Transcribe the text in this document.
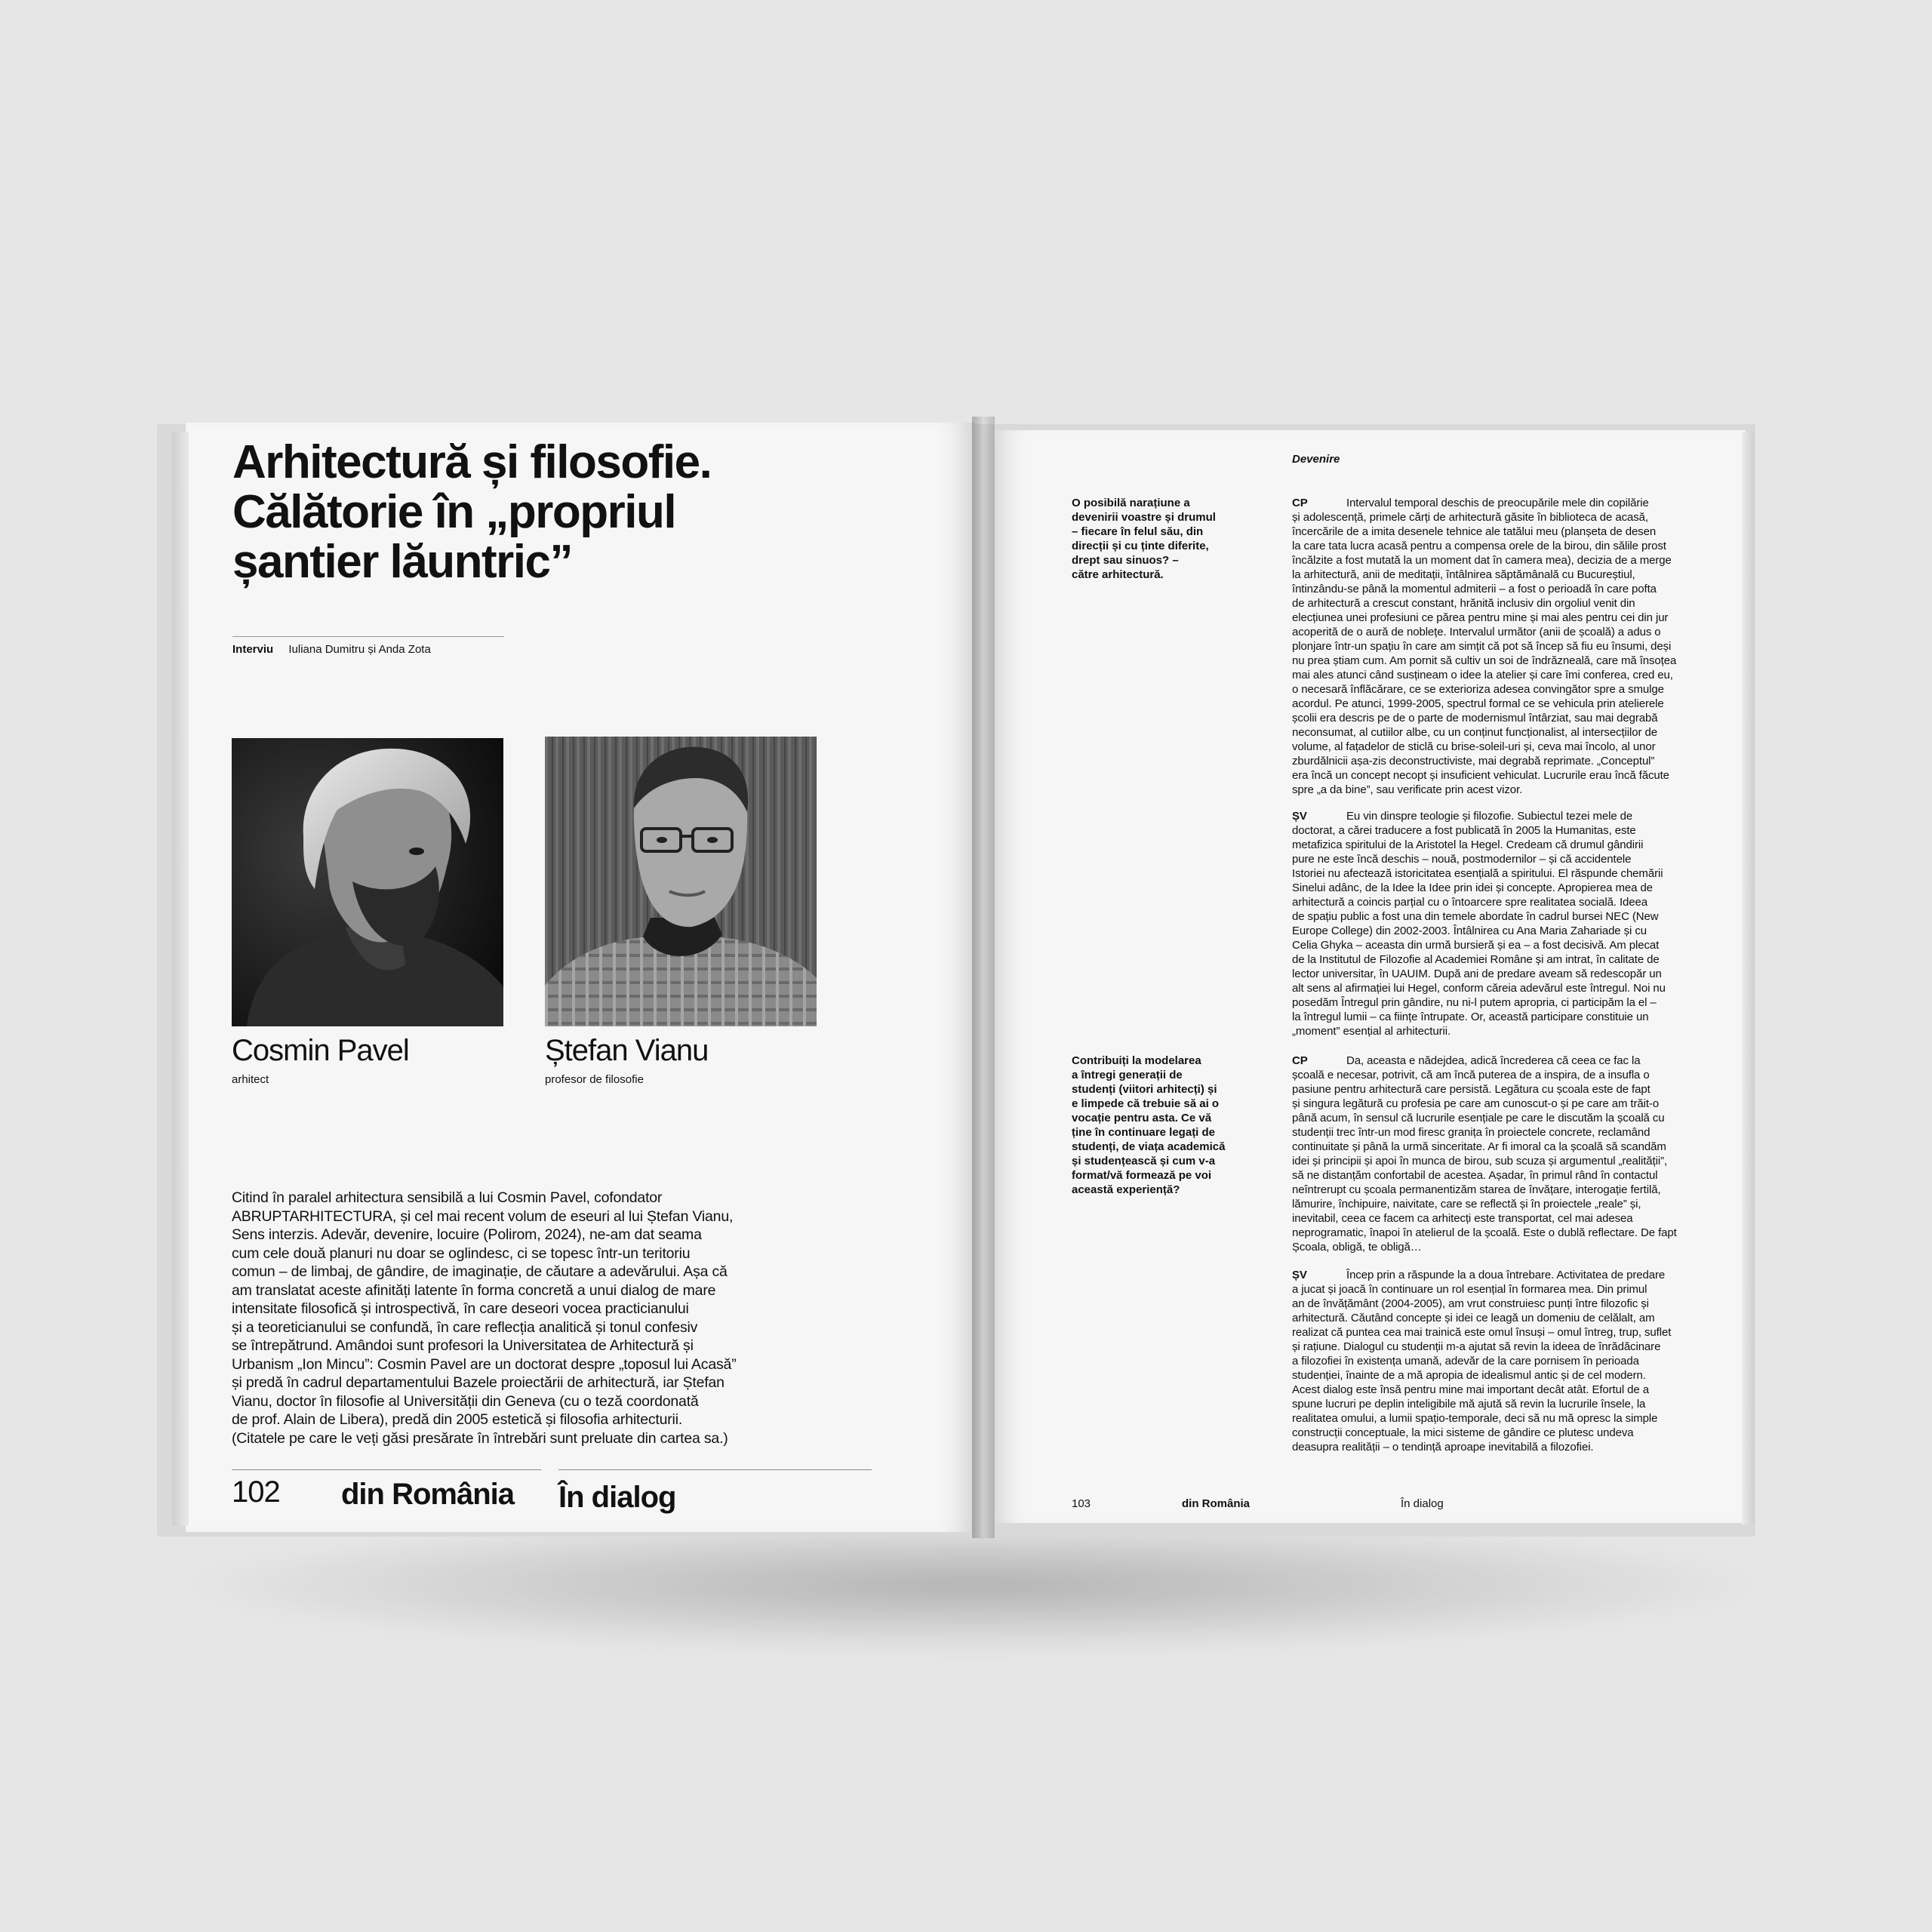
Arhitectură și filosofie.
Călătorie în „propriul
șantier lăuntric”
Interviu Iuliana Dumitru și Anda Zota
Cosmin Pavel
arhitect
Ștefan Vianu
profesor de filosofie
Citind în paralel arhitectura sensibilă a lui Cosmin Pavel, cofondator
ABRUPTARHITECTURA, și cel mai recent volum de eseuri al lui Ștefan Vianu,
Sens interzis. Adevăr, devenire, locuire (Polirom, 2024), ne-am dat seama
cum cele două planuri nu doar se oglindesc, ci se topesc într-un teritoriu
comun – de limbaj, de gândire, de imaginație, de căutare a adevărului. Așa că
am translatat aceste afinități latente în forma concretă a unui dialog de mare
intensitate filosofică și introspectivă, în care deseori vocea practicianului
și a teoreticianului se confundă, în care reflecția analitică și tonul confesiv
se întrepătrund. Amândoi sunt profesori la Universitatea de Arhitectură și
Urbanism „Ion Mincu”: Cosmin Pavel are un doctorat despre „toposul lui Acasă”
și predă în cadrul departamentului Bazele proiectării de arhitectură, iar Ștefan
Vianu, doctor în filosofie al Universității din Geneva (cu o teză coordonată
de prof. Alain de Libera), predă din 2005 estetică și filosofia arhitecturii.
(Citatele pe care le veți găsi presărate în întrebări sunt preluate din cartea sa.)
102 din România În dialog
Devenire
O posibilă narațiune a
devenirii voastre și drumul
– fiecare în felul său, din
direcții și cu ținte diferite,
drept sau sinuos? –
către arhitectură.
Contribuiți la modelarea
a întregi generații de
studenți (viitori arhitecți) și
e limpede că trebuie să ai o
vocație pentru asta. Ce vă
ține în continuare legați de
studenți, de viața academică
și studențească și cum v-a
format/vă formează pe voi
această experiență?
CP	Intervalul temporal deschis de preocupările mele din copilărie
și adolescență, primele cărți de arhitectură găsite în biblioteca de acasă,
încercările de a imita desenele tehnice ale tatălui meu (planșeta de desen
la care tata lucra acasă pentru a compensa orele de la birou, din sălile prost
încălzite a fost mutată la un moment dat în camera mea), decizia de a merge
la arhitectură, anii de meditații, întâlnirea săptămânală cu Bucureștiul,
întinzându-se până la momentul admiterii – a fost o perioadă în care pofta
de arhitectură a crescut constant, hrănită inclusiv din orgoliul venit din
elecțiunea unei profesiuni ce părea pentru mine și mai ales pentru cei din jur
acoperită de o aură de noblețe. Intervalul următor (anii de școală) a adus o
plonjare într-un spațiu în care am simțit că pot să încep să fiu eu însumi, deși
nu prea știam cum. Am pornit să cultiv un soi de îndrăzneală, care mă însoțea
mai ales atunci când susțineam o idee la atelier și care îmi conferea, cred eu,
o necesară înflăcărare, ce se exterioriza adesea convingător spre a smulge
acordul. Pe atunci, 1999-2005, spectrul formal ce se vehicula prin atelierele
școlii era descris pe de o parte de modernismul întârziat, sau mai degrabă
neconsumat, al cutiilor albe, cu un conținut funcționalist, al intersecțiilor de
volume, al fațadelor de sticlă cu brise-soleil-uri și, ceva mai încolo, al unor
zburdălnicii așa-zis deconstructiviste, mai degrabă reprimate. „Conceptul”
era încă un concept necopt și insuficient vehiculat. Lucrurile erau încă făcute
spre „a da bine”, sau verificate prin acest vizor.
ȘV	Eu vin dinspre teologie și filozofie. Subiectul tezei mele de
doctorat, a cărei traducere a fost publicată în 2005 la Humanitas, este
metafizica spiritului de la Aristotel la Hegel. Credeam că drumul gândirii
pure ne este încă deschis – nouă, postmodernilor – și că accidentele
Istoriei nu afectează istoricitatea esențială a spiritului. El răspunde chemării
Sinelui adânc, de la Idee la Idee prin idei și concepte. Apropierea mea de
arhitectură a coincis parțial cu o întoarcere spre realitatea socială. Ideea
de spațiu public a fost una din temele abordate în cadrul bursei NEC (New
Europe College) din 2002-2003. Întâlnirea cu Ana Maria Zahariade și cu
Celia Ghyka – aceasta din urmă bursieră și ea – a fost decisivă. Am plecat
de la Institutul de Filozofie al Academiei Române și am intrat, în calitate de
lector universitar, în UAUIM. După ani de predare aveam să redescopăr un
alt sens al afirmației lui Hegel, conform căreia adevărul este întregul. Noi nu
posedăm Întregul prin gândire, nu ni-l putem apropria, ci participăm la el –
la întregul lumii – ca ființe întrupate. Or, această participare constituie un
„moment” esențial al arhitecturii.
CP	Da, aceasta e nădejdea, adică încrederea că ceea ce fac la
școală e necesar, potrivit, că am încă puterea de a inspira, de a insufla o
pasiune pentru arhitectură care persistă. Legătura cu școala este de fapt
și singura legătură cu profesia pe care am cunoscut-o și pe care am trăit-o
până acum, în sensul că lucrurile esențiale pe care le discutăm la școală cu
studenții trec într-un mod firesc granița în proiectele concrete, reclamând
continuitate și până la urmă sinceritate. Ar fi imoral ca la școală să scandăm
idei și principii și apoi în munca de birou, sub scuza și argumentul „realității”,
să ne distanțăm confortabil de acestea. Așadar, în primul rând în contactul
neîntrerupt cu școala permanentizăm starea de învățare, interogație fertilă,
lămurire, închipuire, naivitate, care se reflectă și în proiectele „reale” și,
inevitabil, ceea ce facem ca arhitecți este transportat, cel mai adesea
neprogramatic, înapoi în atelierul de la școală. Este o dublă reflectare. De fapt
Școala, obligă, te obligă…
ȘV	Încep prin a răspunde la a doua întrebare. Activitatea de predare
a jucat și joacă în continuare un rol esențial în formarea mea. Din primul
an de învățământ (2004-2005), am vrut construiesc punți între filozofic și
arhitectură. Căutând concepte și idei ce leagă un domeniu de celălalt, am
realizat că puntea cea mai trainică este omul însuși – omul întreg, trup, suflet
și rațiune. Dialogul cu studenții m-a ajutat să revin la ideea de înrădăcinare
a filozofiei în existența umană, adevăr de la care pornisem în perioada
studenției, înainte de a mă apropia de idealismul antic și de cel modern.
Acest dialog este însă pentru mine mai important decât atât. Efortul de a
spune lucruri pe deplin inteligibile mă ajută să revin la lucrurile însele, la
realitatea omului, a lumii spațio-temporale, deci să nu mă opresc la simple
construcții conceptuale, la mici sisteme de gândire ce plutesc undeva
deasupra realității – o tendință aproape inevitabilă a filozofiei.
103	din România	În dialog
